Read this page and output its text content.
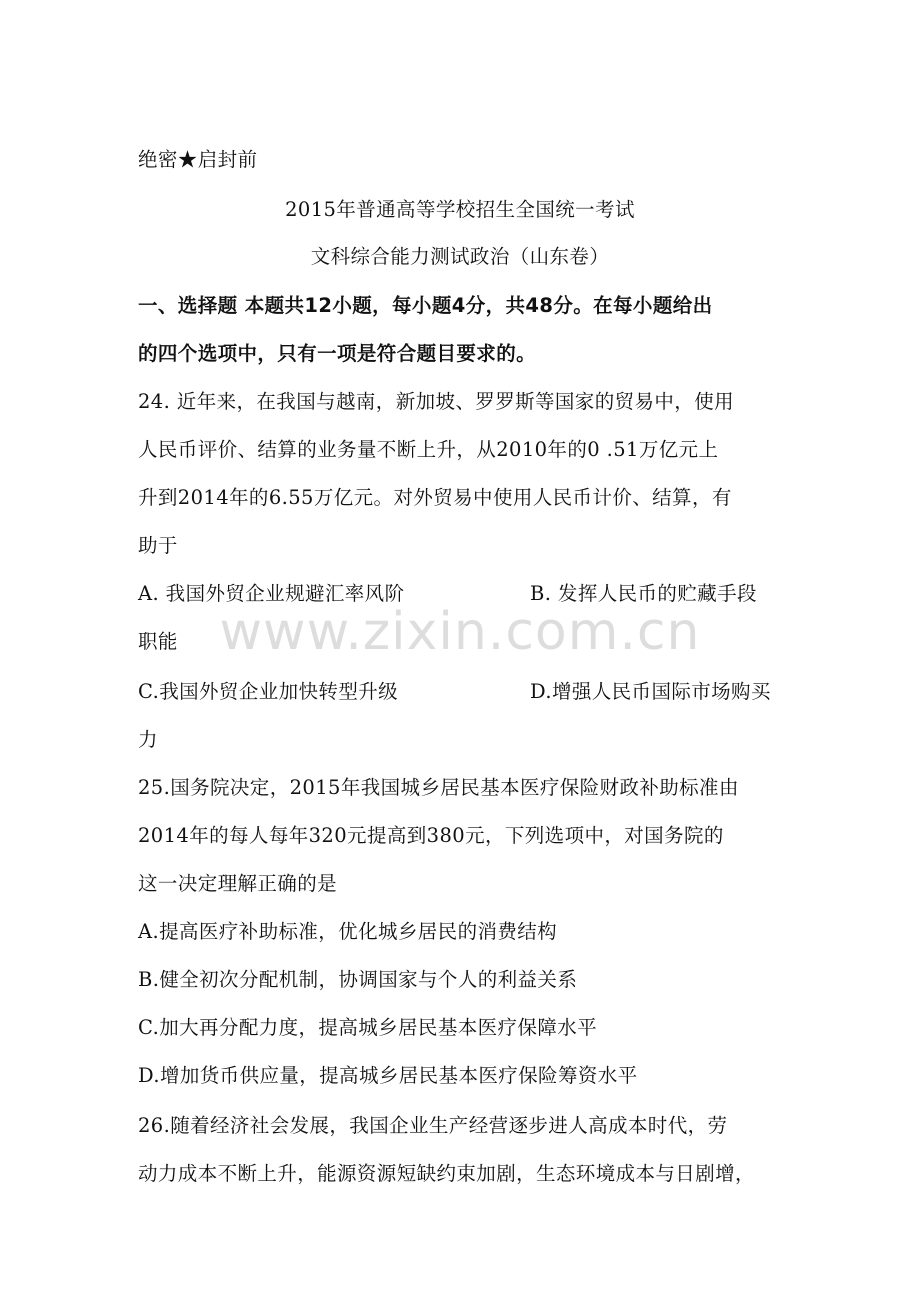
绝密★启封前
2015年普通高等学校招生全国统一考试
文科综合能力测试政治（山东卷）
一、选择题 本题共12小题，每小题4分，共48分。在每小题给出
的四个选项中，只有一项是符合题目要求的。
24. 近年来，在我国与越南，新加坡、罗罗斯等国家的贸易中，使用
人民币评价、结算的业务量不断上升，从2010年的0 .51万亿元上
升到2014年的6.55万亿元。对外贸易中使用人民币计价、结算，有
助于
A. 我国外贸企业规避汇率风阶	B. 发挥人民币的贮藏手段
职能
C.我国外贸企业加快转型升级	D.增强人民币国际市场购买
力
25.国务院决定，2015年我国城乡居民基本医疗保险财政补助标准由
2014年的每人每年320元提高到380元，下列选项中，对国务院的
这一决定理解正确的是
A.提高医疗补助标准，优化城乡居民的消费结构
B.健全初次分配机制，协调国家与个人的利益关系
C.加大再分配力度，提高城乡居民基本医疗保障水平
D.增加货币供应量，提高城乡居民基本医疗保险筹资水平
26.随着经济社会发展，我国企业生产经营逐步进人高成本时代，劳
动力成本不断上升，能源资源短缺约束加剧，生态环境成本与日剧增，
www.zixin.com.cn
